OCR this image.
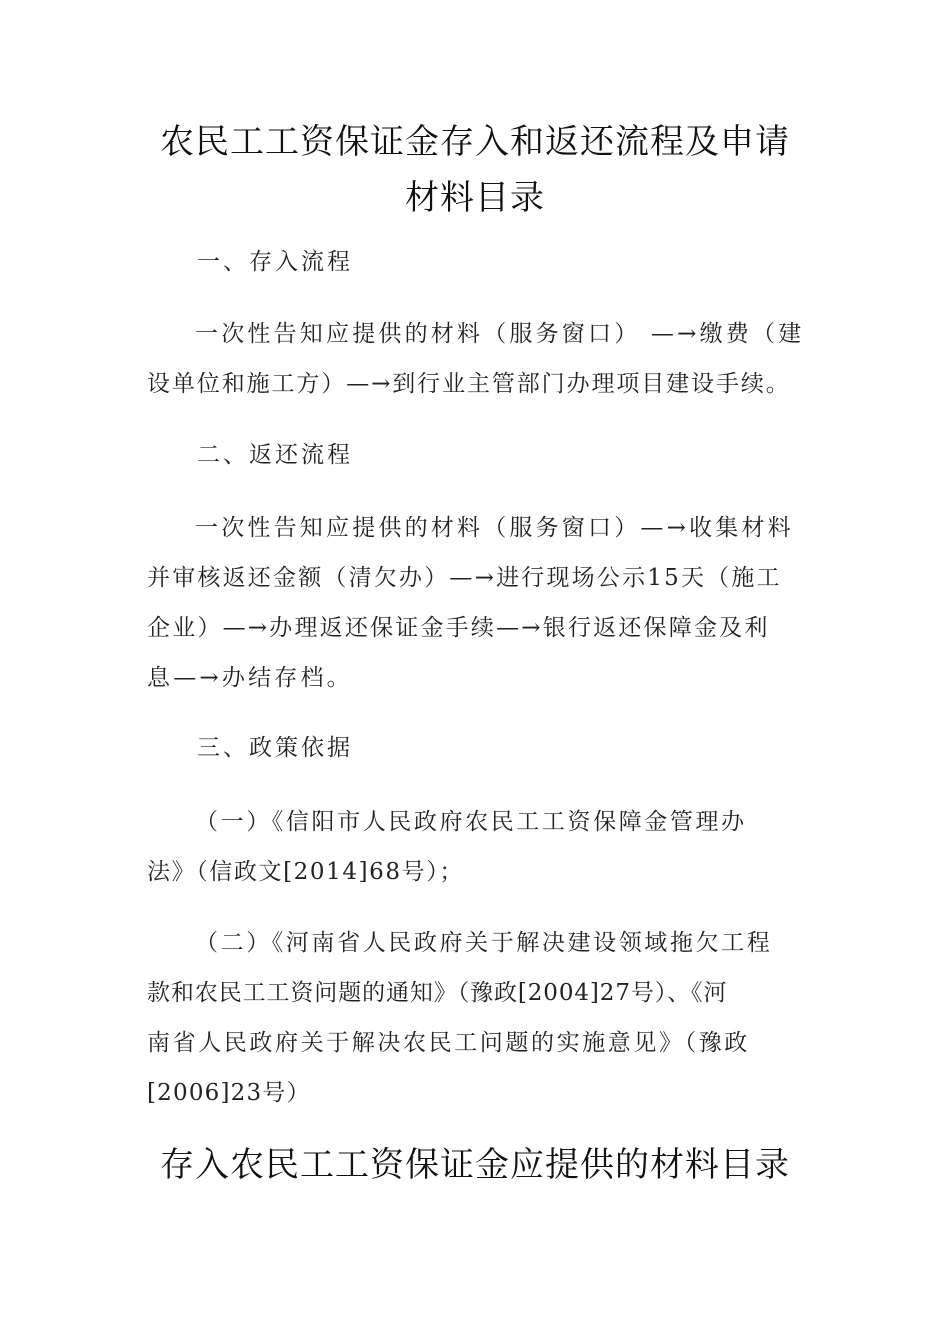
农民工工资保证金存入和返还流程及申请
材料目录
一、存入流程
一次性告知应提供的材料（服务窗口） —→缴费（建
设单位和施工方）—→到行业主管部门办理项目建设手续。
二、返还流程
一次性告知应提供的材料（服务窗口）—→收集材料
并审核返还金额（清欠办）—→进行现场公示15天（施工
企业）—→办理返还保证金手续—→银行返还保障金及利
息—→办结存档。
三、政策依据
（一）《信阳市人民政府农民工工资保障金管理办
法》（信政文[2014]68号）；
（二）《河南省人民政府关于解决建设领域拖欠工程
款和农民工工资问题的通知》（豫政[2004]27号）、《河
南省人民政府关于解决农民工问题的实施意见》（豫政
[2006]23号）
存入农民工工资保证金应提供的材料目录
